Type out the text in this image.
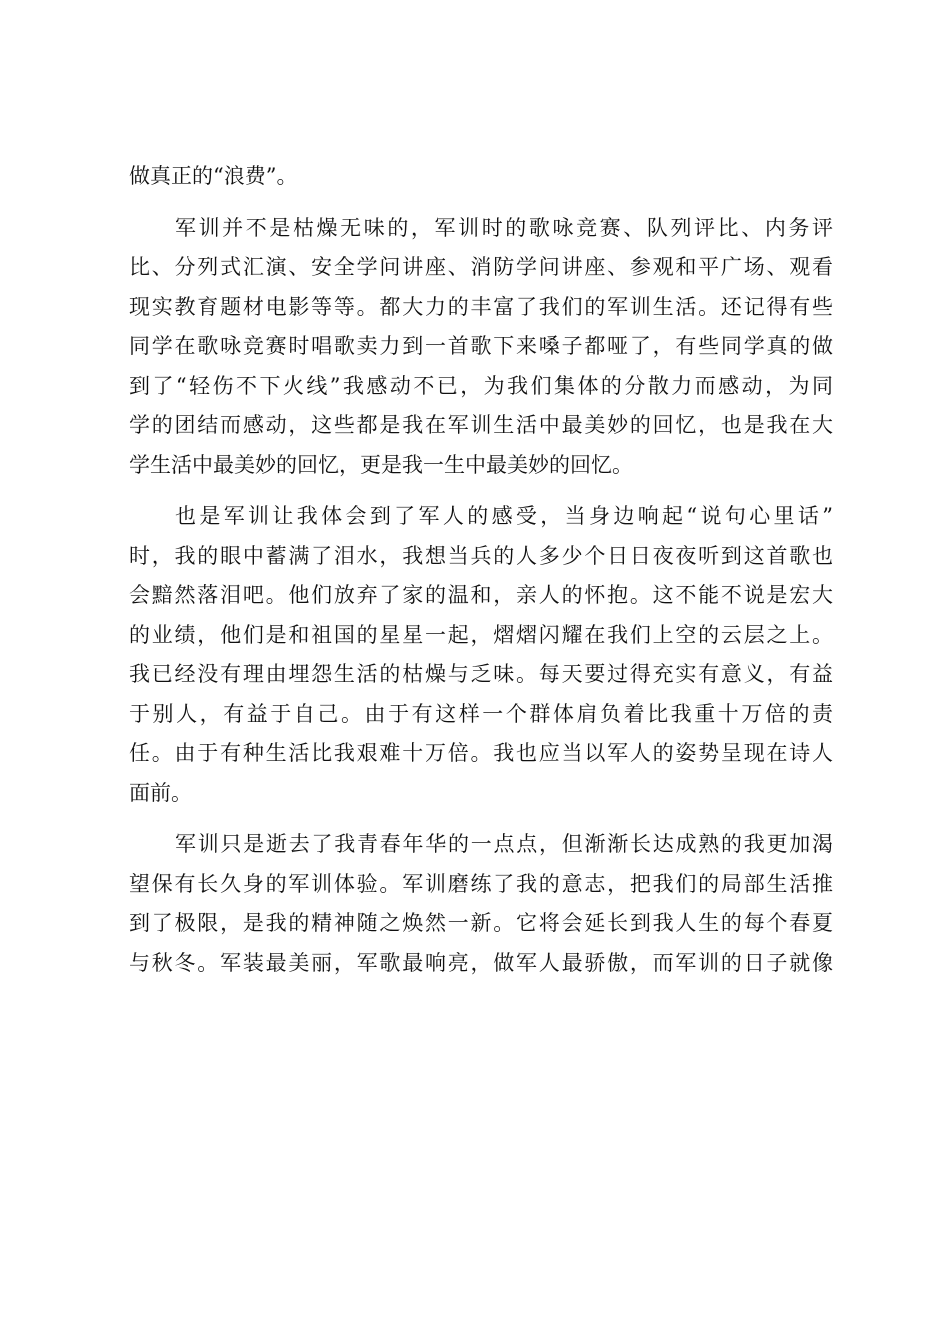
做真正的“浪费”。
军训并不是枯燥无味的，军训时的歌咏竞赛、队列评比、内务评
比、分列式汇演、安全学问讲座、消防学问讲座、参观和平广场、观看
现实教育题材电影等等。都大力的丰富了我们的军训生活。还记得有些
同学在歌咏竞赛时唱歌卖力到一首歌下来嗓子都哑了，有些同学真的做
到了“轻伤不下火线”我感动不已，为我们集体的分散力而感动，为同
学的团结而感动，这些都是我在军训生活中最美妙的回忆，也是我在大
学生活中最美妙的回忆，更是我一生中最美妙的回忆。
也是军训让我体会到了军人的感受，当身边响起“说句心里话”
时，我的眼中蓄满了泪水，我想当兵的人多少个日日夜夜听到这首歌也
会黯然落泪吧。他们放弃了家的温和，亲人的怀抱。这不能不说是宏大
的业绩，他们是和祖国的星星一起，熠熠闪耀在我们上空的云层之上。
我已经没有理由埋怨生活的枯燥与乏味。每天要过得充实有意义，有益
于别人，有益于自己。由于有这样一个群体肩负着比我重十万倍的责
任。由于有种生活比我艰难十万倍。我也应当以军人的姿势呈现在诗人
面前。
军训只是逝去了我青春年华的一点点，但渐渐长达成熟的我更加渴
望保有长久身的军训体验。军训磨练了我的意志，把我们的局部生活推
到了极限，是我的精神随之焕然一新。它将会延长到我人生的每个春夏
与秋冬。军装最美丽，军歌最响亮，做军人最骄傲，而军训的日子就像
